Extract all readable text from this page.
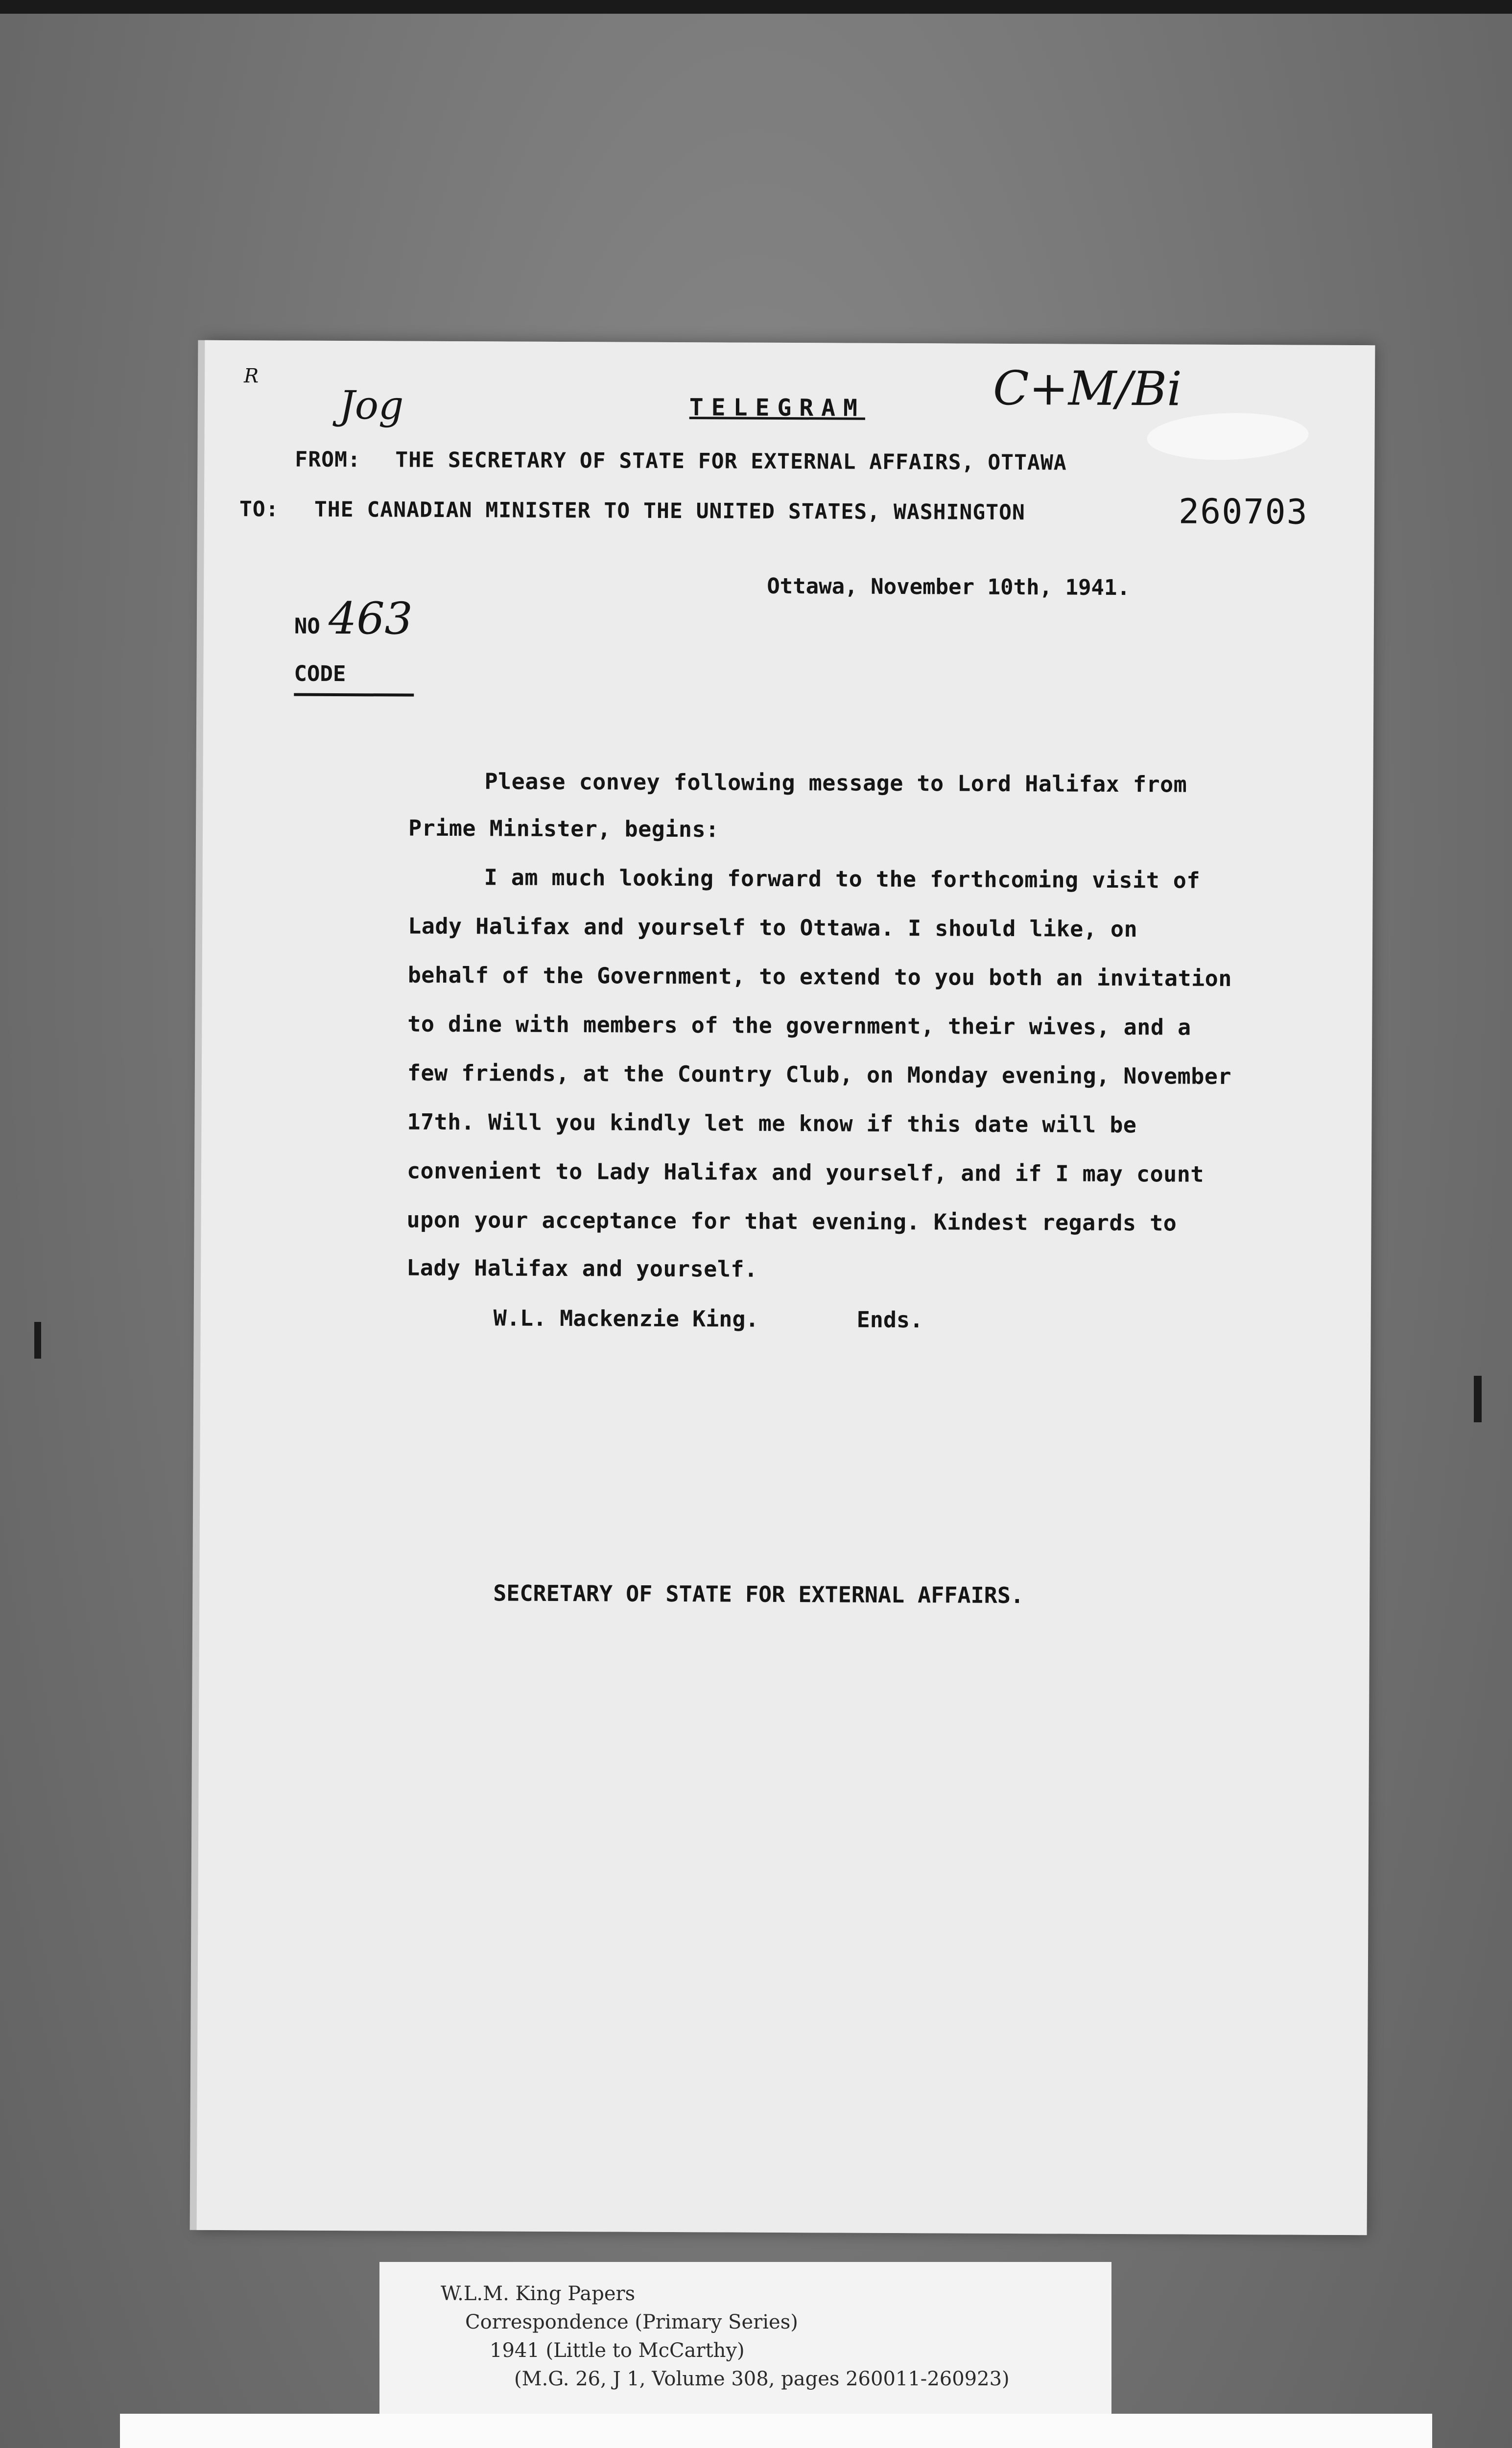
R
Jog	C+M/Bi
TELEGRAM
FROM: THE SECRETARY OF STATE FOR EXTERNAL AFFAIRS, OTTAWA
TO: THE CANADIAN MINISTER TO THE UNITED STATES, WASHINGTON	260703
Ottawa, November 10th, 1941.
NO 463
CODE
Please convey following message to Lord Halifax from
Prime Minister, begins:
I am much looking forward to the forthcoming visit of
Lady Halifax and yourself to Ottawa. I should like, on
behalf of the Government, to extend to you both an invitation
to dine with members of the government, their wives, and a
few friends, at the Country Club, on Monday evening, November
17th. Will you kindly let me know if this date will be
convenient to Lady Halifax and yourself, and if I may count
upon your acceptance for that evening. Kindest regards to
Lady Halifax and yourself.
W.L. Mackenzie King.	Ends.
SECRETARY OF STATE FOR EXTERNAL AFFAIRS.
W.L.M. King Papers
Correspondence (Primary Series)
1941 (Little to McCarthy)
(M.G. 26, J 1, Volume 308, pages 260011-260923)
